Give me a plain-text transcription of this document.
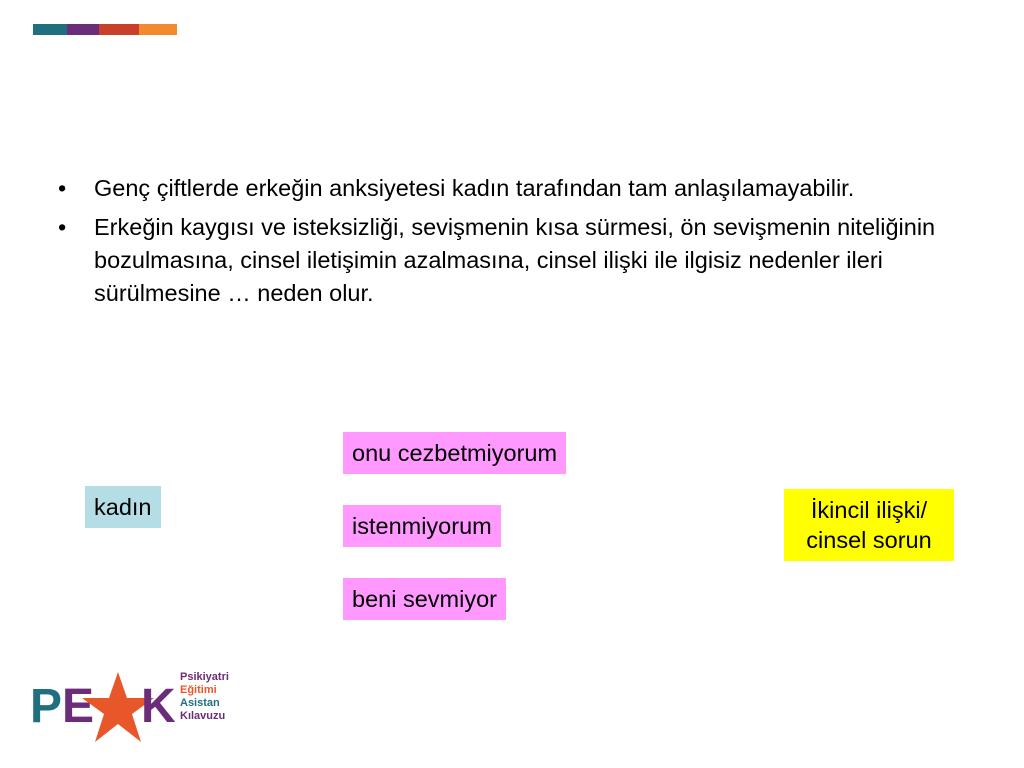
• Genç çiftlerde erkeğin anksiyetesi kadın tarafından tam anlaşılamayabilir.
• Erkeğin kaygısı ve isteksizliği, sevişmenin kısa sürmesi, ön sevişmenin niteliğinin bozulmasına, cinsel iletişimin azalmasına, cinsel ilişki ile ilgisiz nedenler ileri sürülmesine … neden olur.
kadın
onu cezbetmiyorum
istenmiyorum
beni sevmiyor
İkincil ilişki/ cinsel sorun
P E K
Psikiyatri
Eğitimi
Asistan
Kılavuzu
